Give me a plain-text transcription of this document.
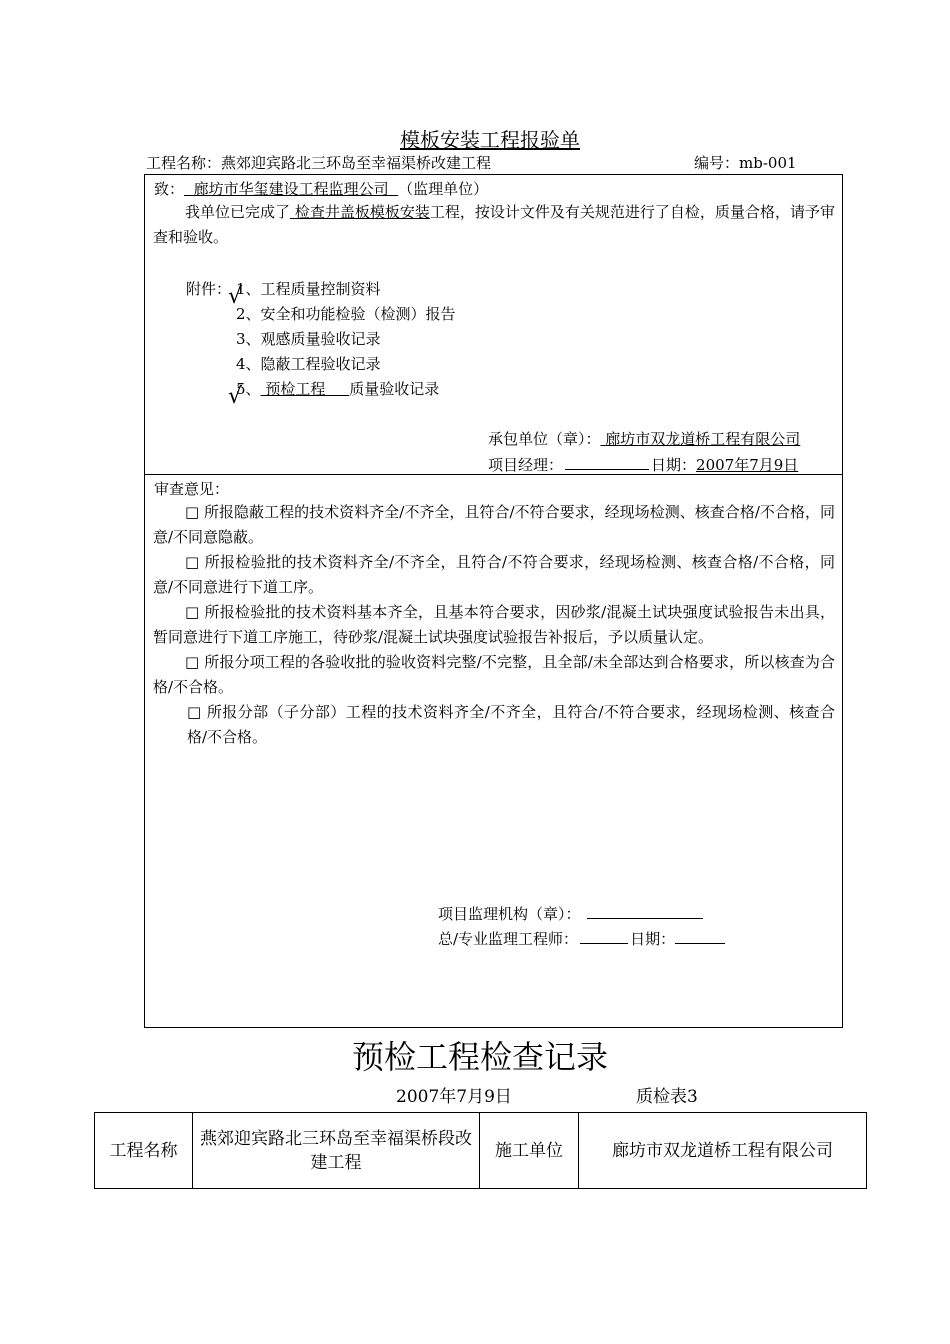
模板安装工程报验单
工程名称：燕郊迎宾路北三环岛至幸福渠桥改建工程	编号：mb-001
致： 廊坊市华玺建设工程监理公司 （监理单位）
我单位已完成了 检查井盖板模板安装工程，按设计文件及有关规范进行了自检，质量合格，请予审查和验收。
附件： 1、工程质量控制资料
2、安全和功能检验（检测）报告
3、观感质量验收记录
4、隐蔽工程验收记录
5、 预检工程 质量验收记录
√
√
承包单位（章）： 廊坊市双龙道桥工程有限公司
项目经理：	日期：2007年7月9日
审查意见：
□ 所报隐蔽工程的技术资料齐全/不齐全，且符合/不符合要求，经现场检测、核查合格/不合格，同意/不同意隐蔽。
□ 所报检验批的技术资料齐全/不齐全，且符合/不符合要求，经现场检测、核查合格/不合格，同意/不同意进行下道工序。
□ 所报检验批的技术资料基本齐全，且基本符合要求，因砂浆/混凝土试块强度试验报告未出具，暂同意进行下道工序施工，待砂浆/混凝土试块强度试验报告补报后，予以质量认定。
□ 所报分项工程的各验收批的验收资料完整/不完整，且全部/未全部达到合格要求，所以核查为合格/不合格。
□ 所报分部（子分部）工程的技术资料齐全/不齐全，且符合/不符合要求，经现场检测、核查合格/不合格。
项目监理机构（章）：
总/专业监理工程师：	日期：
预检工程检查记录
2007年7月9日	质检表3
工程名称	燕郊迎宾路北三环岛至幸福渠桥段改建工程	施工单位	廊坊市双龙道桥工程有限公司
